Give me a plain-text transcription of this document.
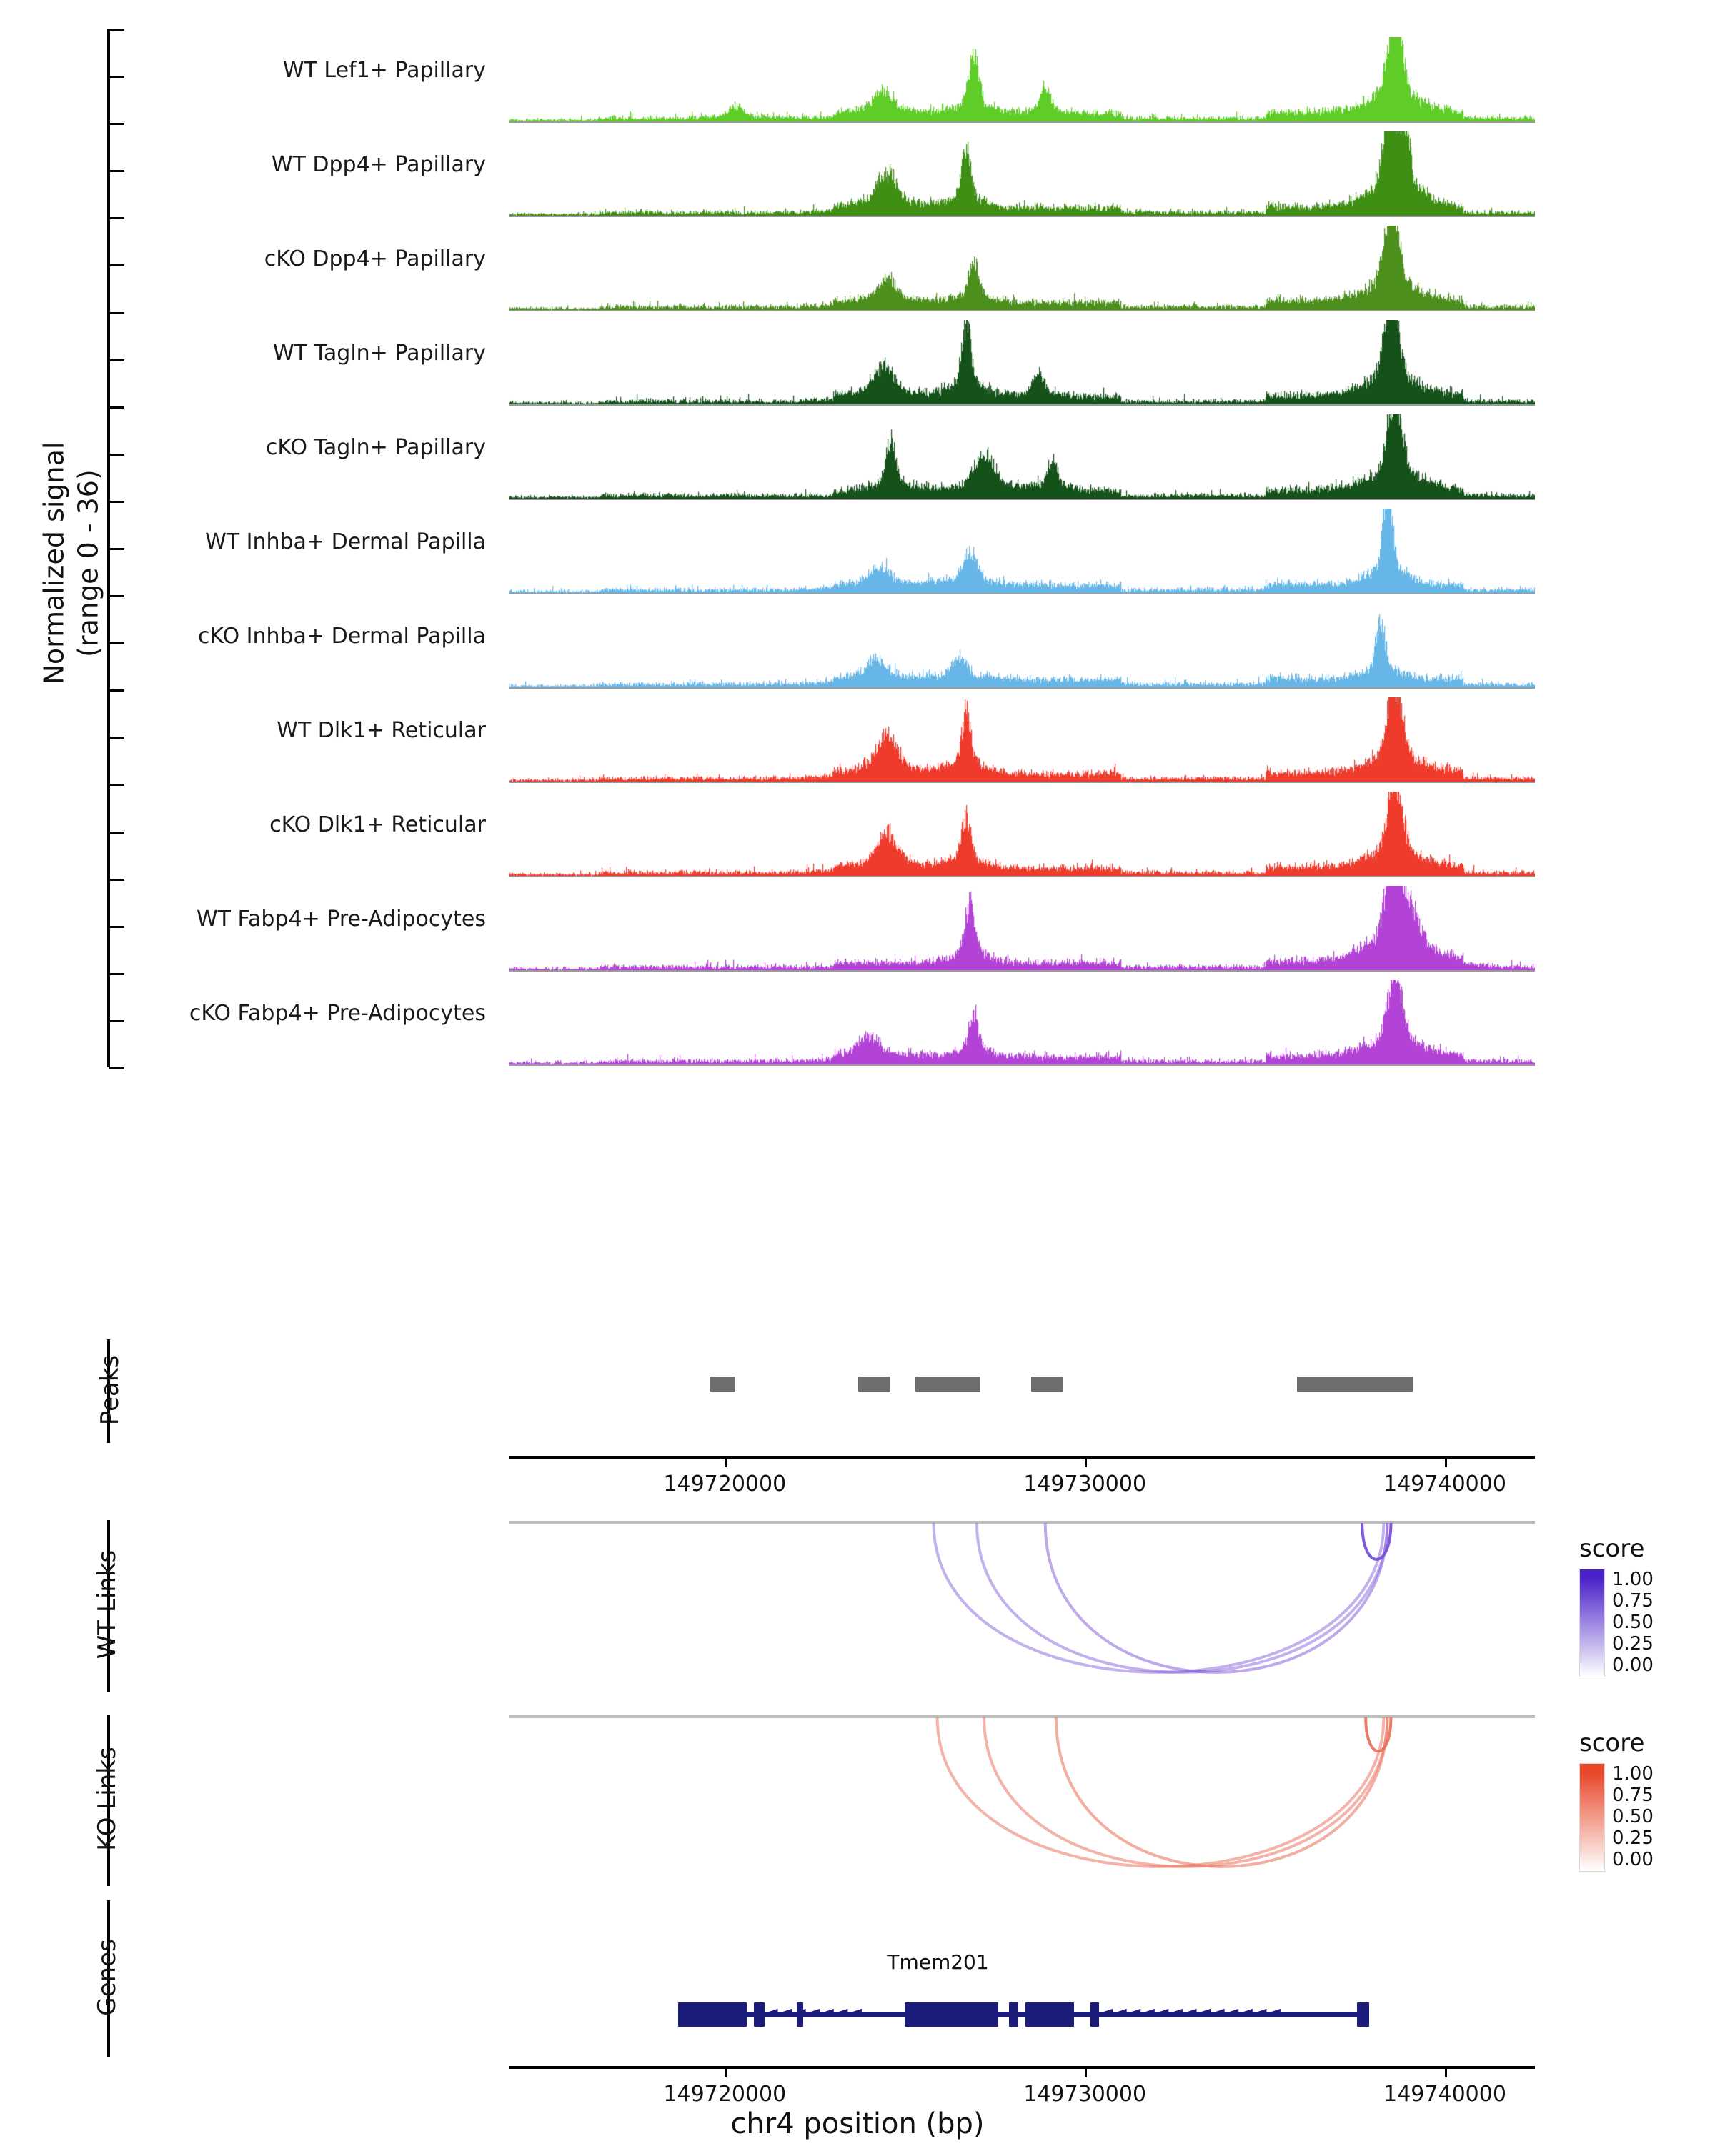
WT Lef1+ Papillary
WT Dpp4+ Papillary
cKO Dpp4+ Papillary
WT Tagln+ Papillary
cKO Tagln+ Papillary
WT Inhba+ Dermal Papilla
cKO Inhba+ Dermal Papilla
WT Dlk1+ Reticular
cKO Dlk1+ Reticular
WT Fabp4+ Pre-Adipocytes
cKO Fabp4+ Pre-Adipocytes
Normalized signal (range 0 - 36)
Peaks
149720000	149730000	149740000
WT Links
KO Links
score
1.00
0.75
0.50
0.25
0.00
score
1.00
0.75
0.50
0.25
0.00
Genes	Tmem201
◄ ◄ ◄ ◄ ◄ ◄ ◄	◄ ◄ ◄ ◄ ◄ ◄ ◄ ◄ ◄ ◄ ◄ ◄ ◄
149720000	149730000	149740000
chr4 position (bp)
